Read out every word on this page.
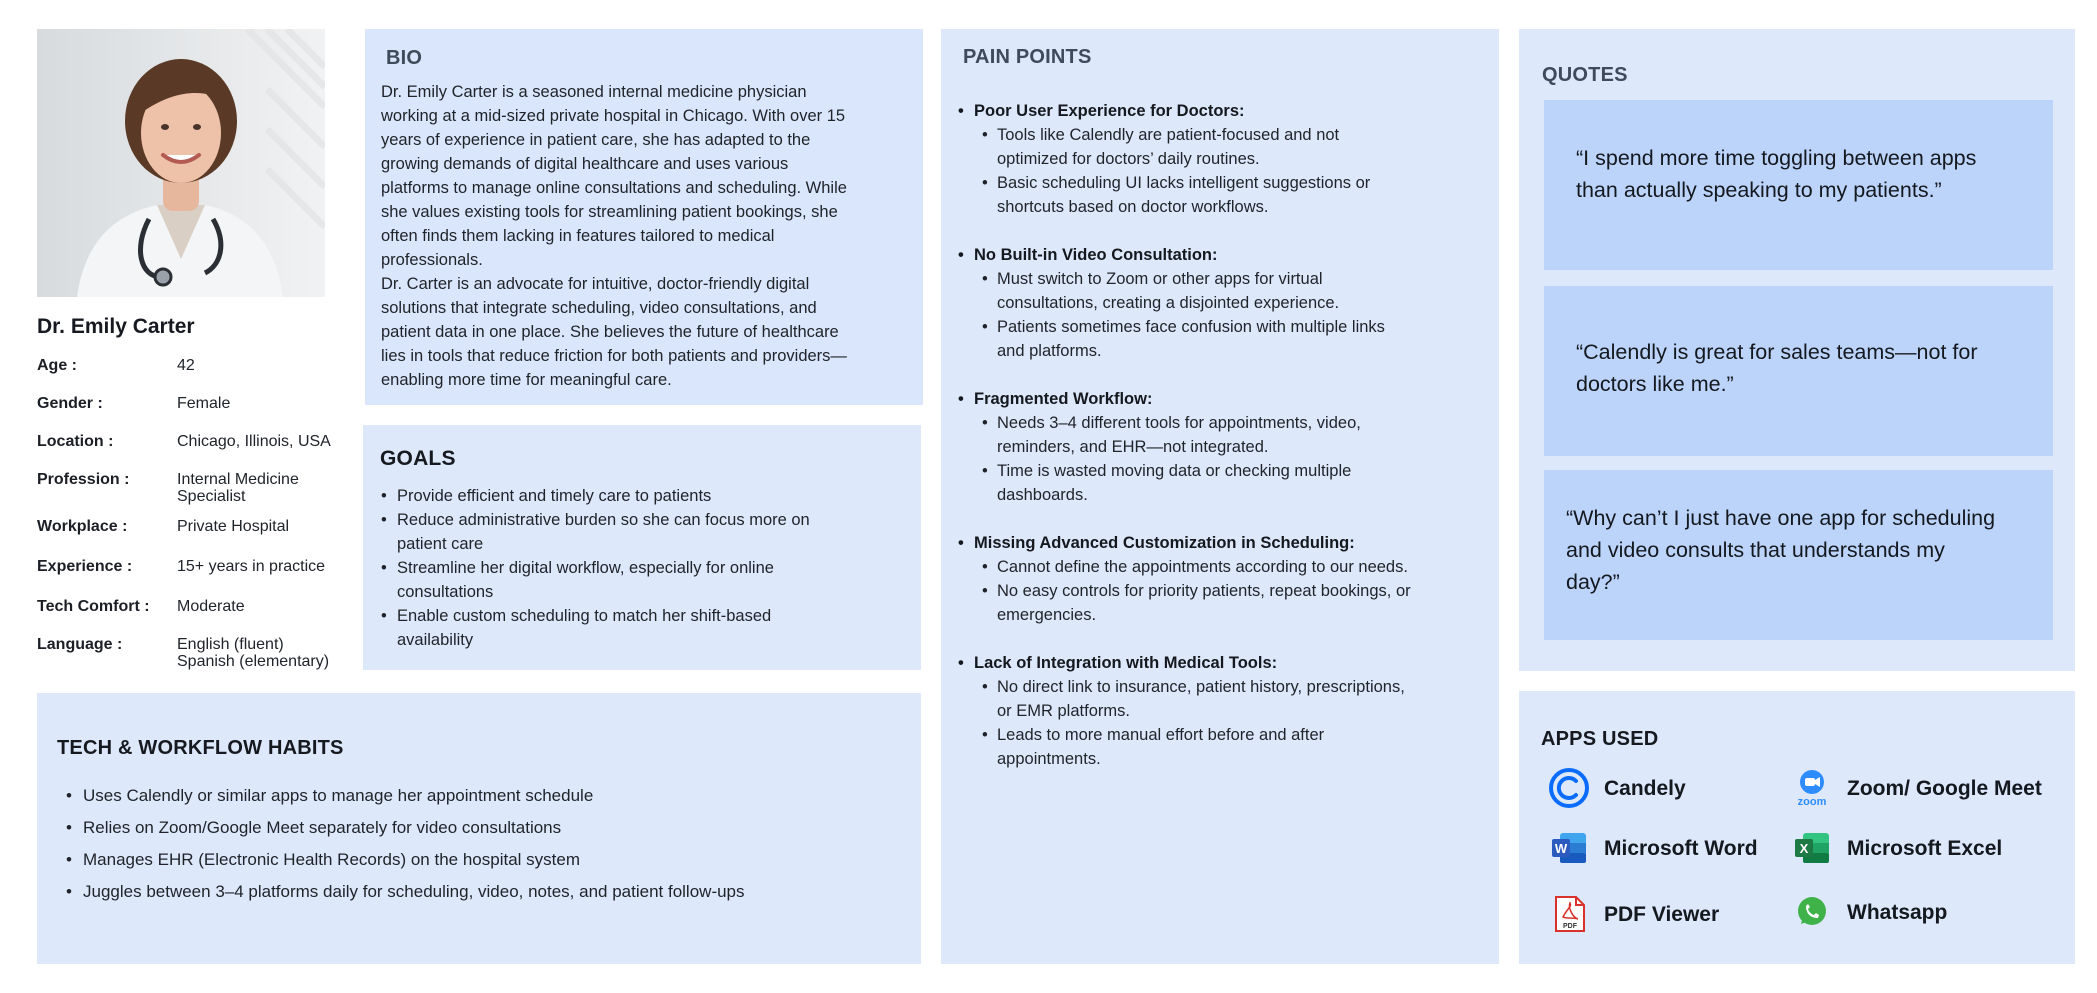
Dr. Emily Carter
Age :	42
Gender :	Female
Location :	Chicago, Illinois, USA
Profession :	Internal Medicine
Specialist
Workplace :	Private Hospital
Experience :	15+ years in practice
Tech Comfort : Moderate
Language :	English (fluent)
Spanish (elementary)
BIO
Dr. Emily Carter is a seasoned internal medicine physician
working at a mid-sized private hospital in Chicago. With over 15
years of experience in patient care, she has adapted to the
growing demands of digital healthcare and uses various
platforms to manage online consultations and scheduling. While
she values existing tools for streamlining patient bookings, she
often finds them lacking in features tailored to medical
professionals.
Dr. Carter is an advocate for intuitive, doctor-friendly digital
solutions that integrate scheduling, video consultations, and
patient data in one place. She believes the future of healthcare
lies in tools that reduce friction for both patients and providers—
enabling more time for meaningful care.
GOALS
• Provide efficient and timely care to patients
• Reduce administrative burden so she can focus more on
patient care
• Streamline her digital workflow, especially for online
consultations
• Enable custom scheduling to match her shift-based
availability
TECH & WORKFLOW HABITS
• Uses Calendly or similar apps to manage her appointment schedule
• Relies on Zoom/Google Meet separately for video consultations
• Manages EHR (Electronic Health Records) on the hospital system
• Juggles between 3–4 platforms daily for scheduling, video, notes, and patient follow-ups
PAIN POINTS
• Poor User Experience for Doctors:
• Tools like Calendly are patient-focused and not
optimized for doctors’ daily routines.
• Basic scheduling UI lacks intelligent suggestions or
shortcuts based on doctor workflows.
• No Built-in Video Consultation:
• Must switch to Zoom or other apps for virtual
consultations, creating a disjointed experience.
• Patients sometimes face confusion with multiple links
and platforms.
• Fragmented Workflow:
• Needs 3–4 different tools for appointments, video,
reminders, and EHR—not integrated.
• Time is wasted moving data or checking multiple
dashboards.
• Missing Advanced Customization in Scheduling:
• Cannot define the appointments according to our needs.
• No easy controls for priority patients, repeat bookings, or
emergencies.
• Lack of Integration with Medical Tools:
• No direct link to insurance, patient history, prescriptions,
or EMR platforms.
• Leads to more manual effort before and after
appointments.
QUOTES
“I spend more time toggling between apps
than actually speaking to my patients.”
“Calendly is great for sales teams—not for
doctors like me.”
“Why can’t I just have one app for scheduling
and video consults that understands my
day?”
APPS USED
Candely
zoom
Zoom/ Google Meet
W Microsoft Word	X Microsoft Excel
PDF
PDF Viewer	Whatsapp
